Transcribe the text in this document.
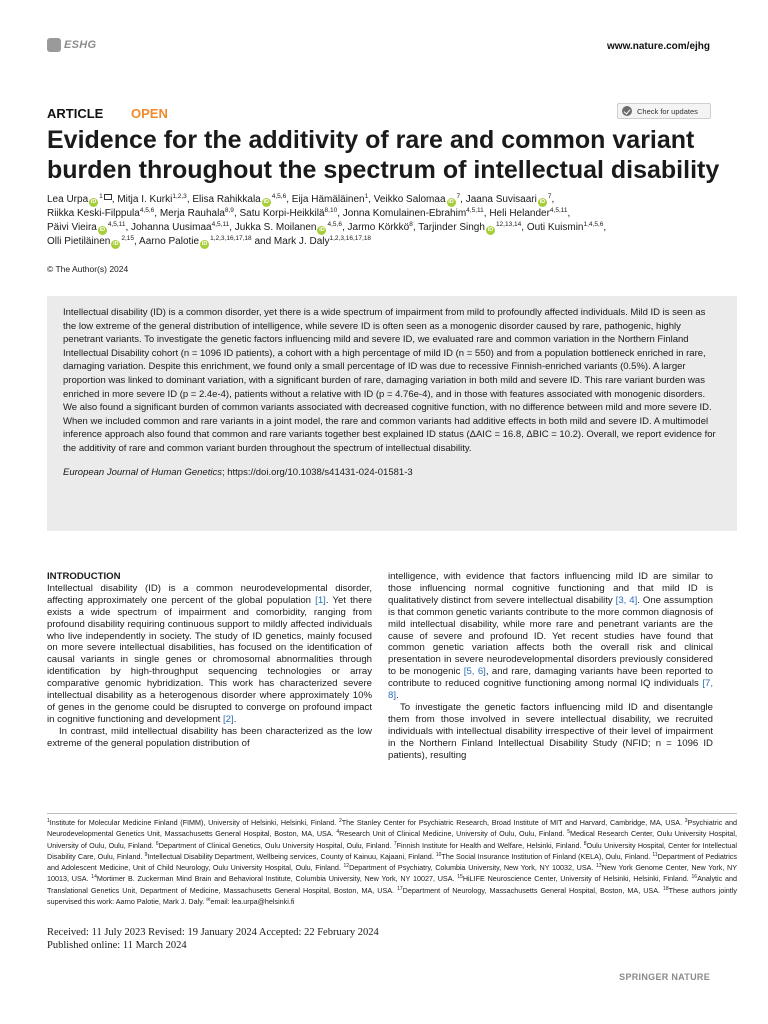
ESHG	www.nature.com/ejhg
ARTICLE OPEN	Check for updates
Evidence for the additivity of rare and common variant burden throughout the spectrum of intellectual disability
Lea Urpa $iD^1$ , Mitja I. Kurki$^{1,2,3}$, Elisa Rahikkala iD$^{4,5,6}$, Eija Hämäläinen$^1$, Veikko Salomaa $iD^7$, Jaana Suvisaari $iD^7$,
Riikka Keski-Filppula$^{4,5,6}$, Merja Rauhala$^{8,9}$, Satu Korpi-Heikkilä$^{8,10}$, Jonna Komulainen-Ebrahim$^{4,5,11}$, Heli Helander$^{4,5,11}$,
Päivi Vieira iD$^{4,5,11}$, Johanna Uusimaa$^{4,5,11}$, Jukka S. Moilanen iD$^{4,5,6}$, Jarmo Körkkö$^8$, Tarjinder Singh iD$^{12,13,14}$, Outi Kuismin$^{1,4,5,6}$,
Olli Pietiläinen iD$^{2,15}$, Aarno Palotie iD$^{1,2,3,16,17,18}$ and Mark J. Daly$^{1,2,3,16,17,18}$
© The Author(s) 2024

Intellectual disability (ID) is a common disorder, yet there is a wide spectrum of impairment from mild to profoundly affected individuals. Mild ID is seen as the low extreme of the general distribution of intelligence, while severe ID is often seen as a monogenic disorder caused by rare, pathogenic, highly penetrant variants. To investigate the genetic factors influencing mild and severe ID, we evaluated rare and common variation in the Northern Finland Intellectual Disability cohort (n = 1096 ID patients), a cohort with a high percentage of mild ID (n = 550) and from a population bottleneck enriched in rare, damaging variation. Despite this enrichment, we found only a small percentage of ID was due to recessive Finnish-enriched variants (0.5%). A larger proportion was linked to dominant variation, with a significant burden of rare, damaging variation in both mild and severe ID. This rare variant burden was enriched in more severe ID (p = 2.4e-4), patients without a relative with ID (p = 4.76e-4), and in those with features associated with monogenic disorders. We also found a significant burden of common variants associated with decreased cognitive function, with no difference between mild and more severe ID. When we included common and rare variants in a joint model, the rare and common variants had additive effects in both mild and severe ID. A multimodel inference approach also found that common and rare variants together best explained ID status (ΔAIC = 16.8, ΔBIC = 10.2). Overall, we report evidence for the additivity of rare and common variant burden throughout the spectrum of intellectual disability.

European Journal of Human Genetics; https://doi.org/10.1038/s41431-024-01581-3

INTRODUCTION
Intellectual disability (ID) is a common neurodevelopmental disorder, affecting approximately one percent of the global population [1]. Yet there exists a wide spectrum of impairment and comorbidity, ranging from profound disability requiring continuous support to mildly affected individuals who live independently in society. The study of ID genetics, mainly focused on more severe intellectual disabilities, has focused on the identification of causal variants in single genes or chromosomal abnormalities through identification by high-throughput sequencing technologies or array comparative genomic hybridization. This work has characterized severe intellectual disability as a heterogenous disorder where approximately 10% of genes in the genome could be disrupted to converge on profound impact in cognitive functioning and development [2].

In contrast, mild intellectual disability has been characterized as the low extreme of the general population distribution of

intelligence, with evidence that factors influencing mild ID are similar to those influencing normal cognitive functioning and that mild ID is qualitatively distinct from severe intellectual disability [3, 4]. One assumption is that common genetic variants contribute to the more common diagnosis of mild intellectual disability, while more rare and penetrant variants are the cause of severe and profound ID. Yet recent studies have found that common genetic variation affects both the overall risk and clinical presentation in severe neurodevelopmental disorders previously considered to be monogenic [5, 6], and rare, damaging variants have been reported to contribute to reduced cognitive functioning among normal IQ individuals [7, 8].

To investigate the genetic factors influencing mild ID and disentangle them from those involved in severe intellectual disability, we recruited individuals with intellectual disability irrespective of their level of impairment in the Northern Finland Intellectual Disability Study (NFID; n = 1096 ID patients), resulting

$^1$Institute for Molecular Medicine Finland (FIMM), University of Helsinki, Helsinki, Finland. $^2$The Stanley Center for Psychiatric Research, Broad Institute of MIT and Harvard, Cambridge, MA, USA. $^3$Psychiatric and Neurodevelopmental Genetics Unit, Massachusetts General Hospital, Boston, MA, USA. $^4$Research Unit of Clinical Medicine, University of Oulu, Oulu, Finland. $^5$Medical Research Center, Oulu University Hospital, University of Oulu, Oulu, Finland. $^6$Department of Clinical Genetics, Oulu University Hospital, Oulu, Finland. $^7$Finnish Institute for Health and Welfare, Helsinki, Finland. $^8$Oulu University Hospital, Center for Intellectual Disability Care, Oulu, Finland. $^9$Intellectual Disability Department, Wellbeing services, County of Kainuu, Kajaani, Finland. $^{10}$The Social Insurance Institution of Finland (KELA), Oulu, Finland. $^{11}$Department of Pediatrics and Adolescent Medicine, Unit of Child Neurology, Oulu University Hospital, Oulu, Finland. $^{12}$Department of Psychiatry, Columbia University, New York, NY 10032, USA. $^{13}$New York Genome Center, New York, NY 10013, USA. $^{14}$Mortimer B. Zuckerman Mind Brain and Behavioral Institute, Columbia University, New York, NY 10027, USA. $^{15}$HiLIFE Neuroscience Center, University of Helsinki, Helsinki, Finland. $^{16}$Analytic and Translational Genetics Unit, Department of Medicine, Massachusetts General Hospital, Boston, MA, USA. $^{17}$Department of Neurology, Massachusetts General Hospital, Boston, MA, USA. $^{18}$These authors jointly supervised this work: Aarno Palotie, Mark J. Daly. ✉email: lea.urpa@helsinki.fi
Received: 11 July 2023 Revised: 19 January 2024 Accepted: 22 February 2024
Published online: 11 March 2024
SPRINGER NATURE
